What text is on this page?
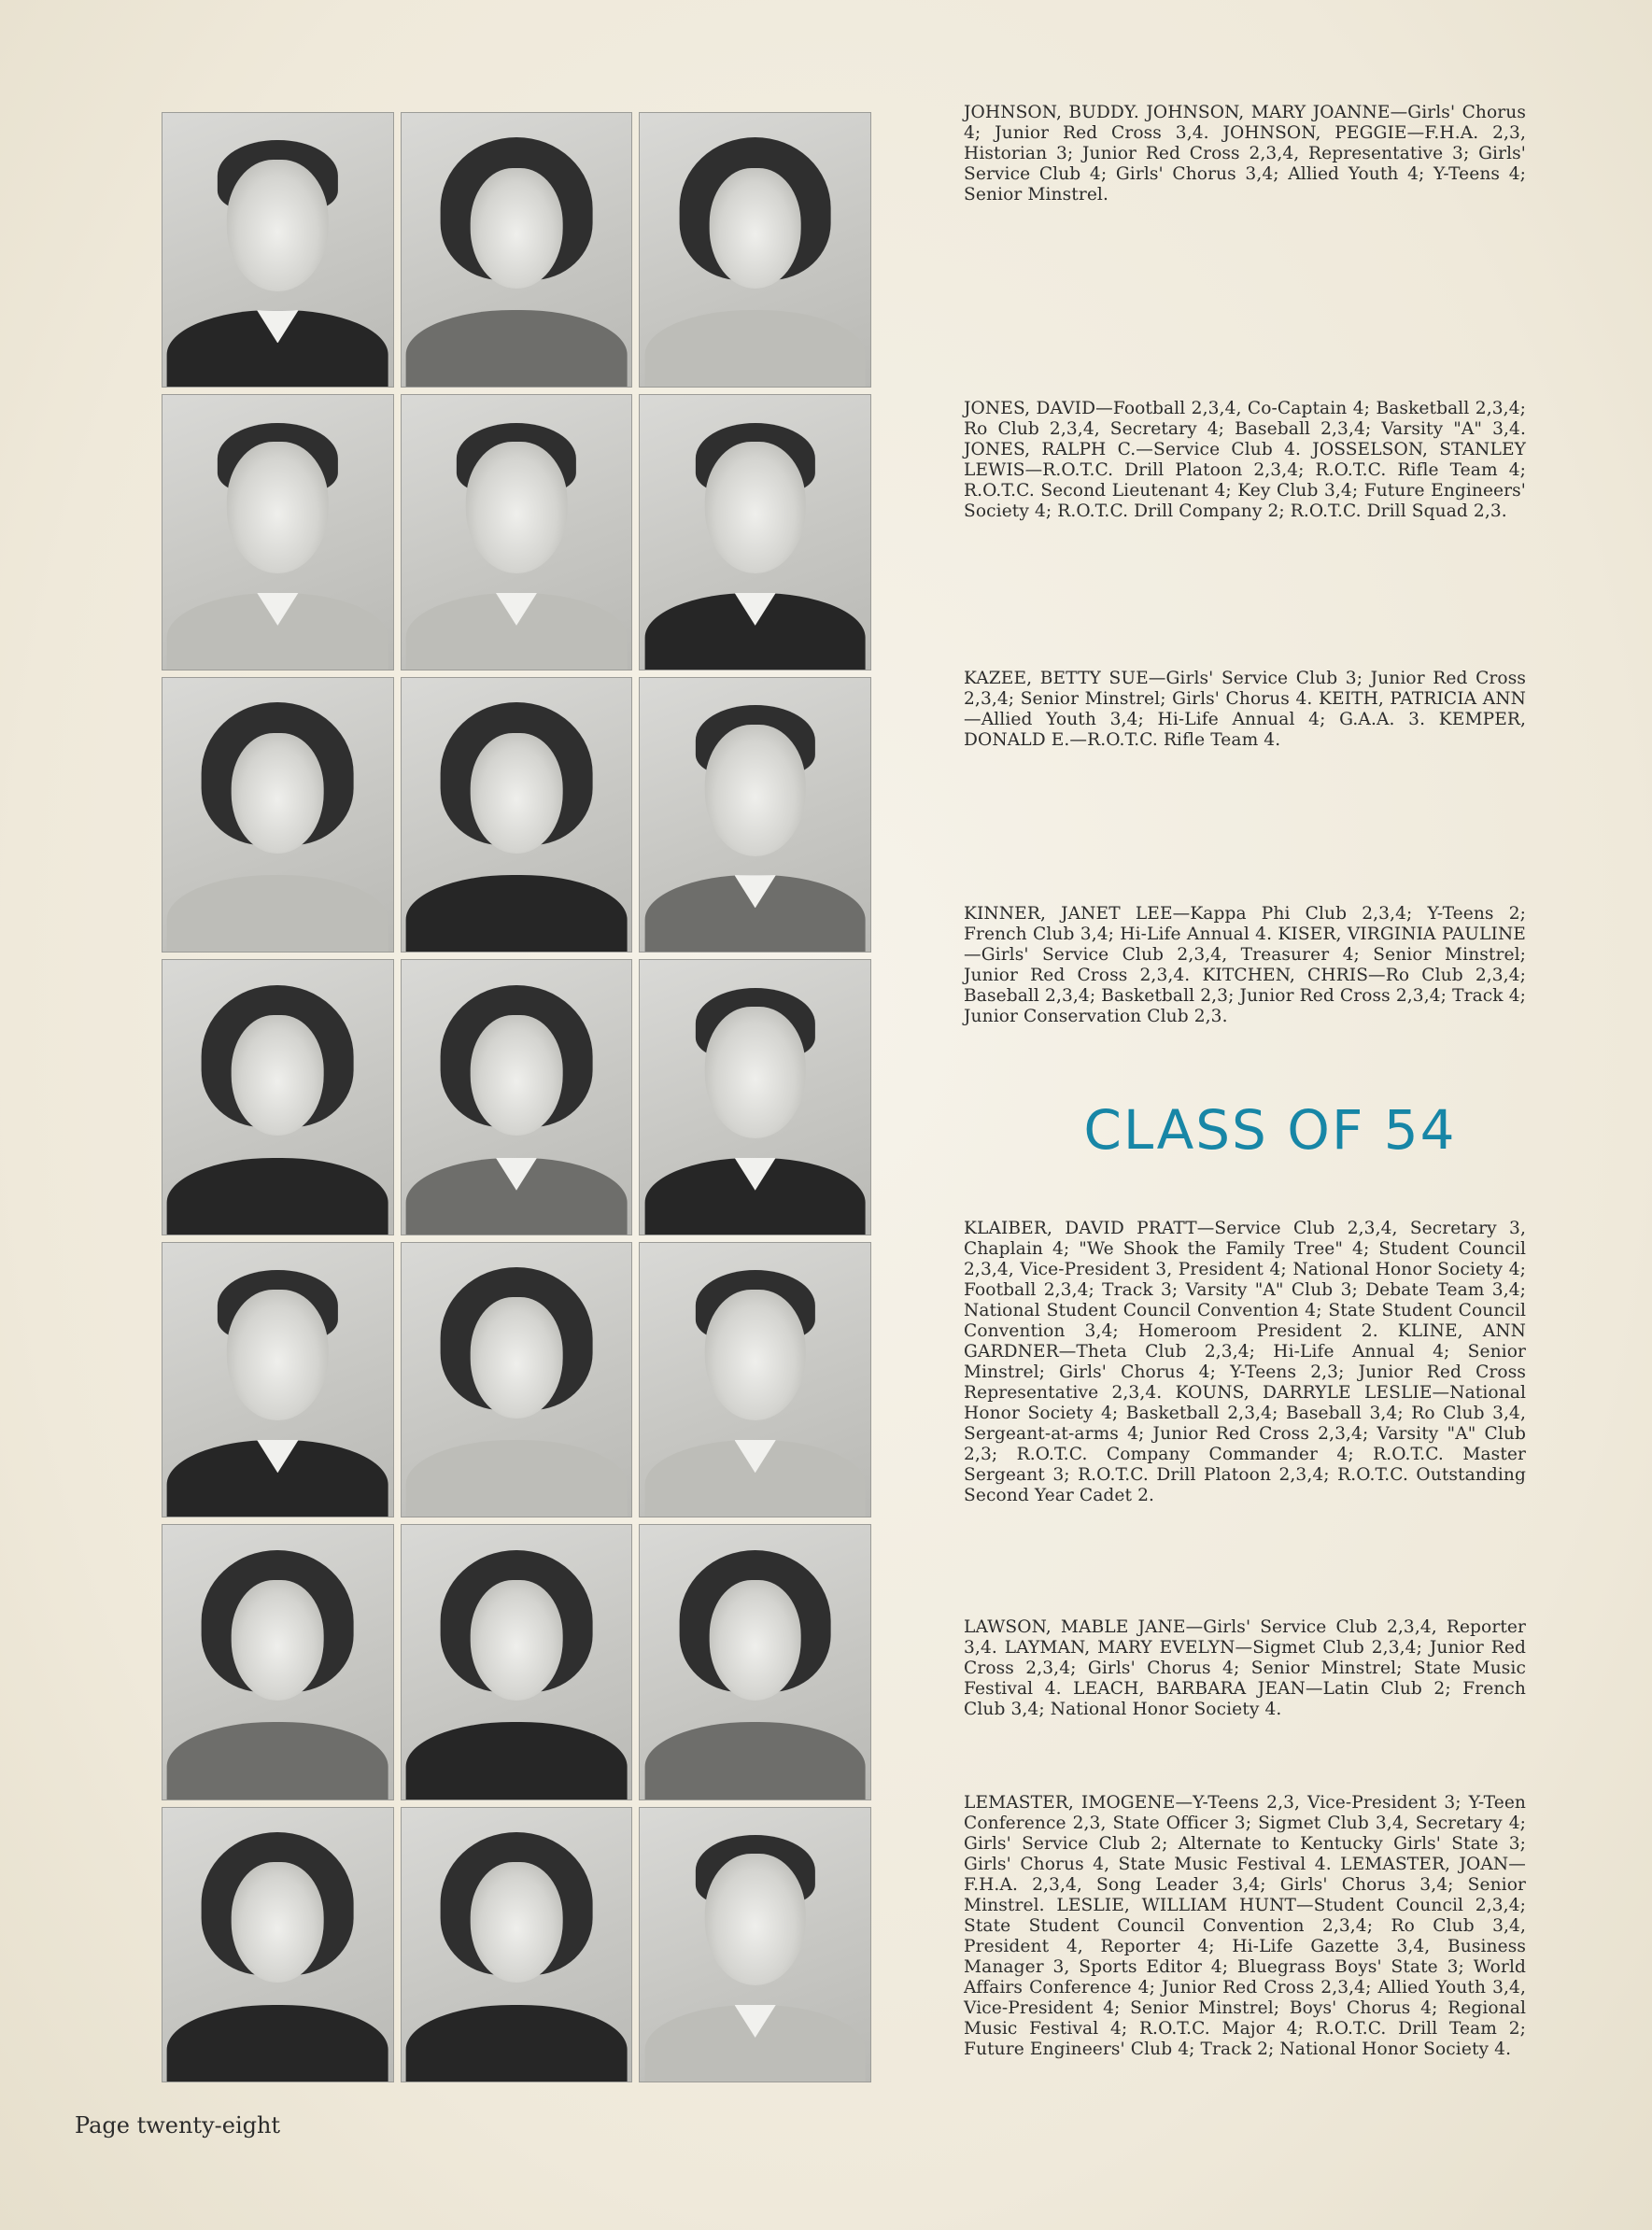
JOHNSON, BUDDY. JOHNSON, MARY JOANNE—Girls' Chorus 4; Junior Red Cross 3,4. JOHNSON, PEGGIE—F.H.A. 2,3, Historian 3; Junior Red Cross 2,3,4, Representative 3; Girls' Service Club 4; Girls' Chorus 3,4; Allied Youth 4; Y-Teens 4; Senior Minstrel.

JONES, DAVID—Football 2,3,4, Co-Captain 4; Basketball 2,3,4; Ro Club 2,3,4, Secretary 4; Baseball 2,3,4; Varsity "A" 3,4. JONES, RALPH C.—Service Club 4. JOSSELSON, STANLEY LEWIS—R.O.T.C. Drill Platoon 2,3,4; R.O.T.C. Rifle Team 4; R.O.T.C. Second Lieutenant 4; Key Club 3,4; Future Engineers' Society 4; R.O.T.C. Drill Company 2; R.O.T.C. Drill Squad 2,3.

KAZEE, BETTY SUE—Girls' Service Club 3; Junior Red Cross 2,3,4; Senior Minstrel; Girls' Chorus 4. KEITH, PATRICIA ANN—Allied Youth 3,4; Hi-Life Annual 4; G.A.A. 3. KEMPER, DONALD E.—R.O.T.C. Rifle Team 4.

KINNER, JANET LEE—Kappa Phi Club 2,3,4; Y-Teens 2; French Club 3,4; Hi-Life Annual 4. KISER, VIRGINIA PAULINE—Girls' Service Club 2,3,4, Treasurer 4; Senior Minstrel; Junior Red Cross 2,3,4. KITCHEN, CHRIS—Ro Club 2,3,4; Baseball 2,3,4; Basketball 2,3; Junior Red Cross 2,3,4; Track 4; Junior Conservation Club 2,3.

CLASS OF 54

KLAIBER, DAVID PRATT—Service Club 2,3,4, Secretary 3, Chaplain 4; "We Shook the Family Tree" 4; Student Council 2,3,4, Vice-President 3, President 4; National Honor Society 4; Football 2,3,4; Track 3; Varsity "A" Club 3; Debate Team 3,4; National Student Council Convention 4; State Student Council Convention 3,4; Homeroom President 2. KLINE, ANN GARDNER—Theta Club 2,3,4; Hi-Life Annual 4; Senior Minstrel; Girls' Chorus 4; Y-Teens 2,3; Junior Red Cross Representative 2,3,4. KOUNS, DARRYLE LESLIE—National Honor Society 4; Basketball 2,3,4; Baseball 3,4; Ro Club 3,4, Sergeant-at-arms 4; Junior Red Cross 2,3,4; Varsity "A" Club 2,3; R.O.T.C. Company Commander 4; R.O.T.C. Master Sergeant 3; R.O.T.C. Drill Platoon 2,3,4; R.O.T.C. Outstanding Second Year Cadet 2.

LAWSON, MABLE JANE—Girls' Service Club 2,3,4, Reporter 3,4. LAYMAN, MARY EVELYN—Sigmet Club 2,3,4; Junior Red Cross 2,3,4; Girls' Chorus 4; Senior Minstrel; State Music Festival 4. LEACH, BARBARA JEAN—Latin Club 2; French Club 3,4; National Honor Society 4.

LEMASTER, IMOGENE—Y-Teens 2,3, Vice-President 3; Y-Teen Conference 2,3, State Officer 3; Sigmet Club 3,4, Secretary 4; Girls' Service Club 2; Alternate to Kentucky Girls' State 3; Girls' Chorus 4, State Music Festival 4. LEMASTER, JOAN—F.H.A. 2,3,4, Song Leader 3,4; Girls' Chorus 3,4; Senior Minstrel. LESLIE, WILLIAM HUNT—Student Council 2,3,4; State Student Council Convention 2,3,4; Ro Club 3,4, President 4, Reporter 4; Hi-Life Gazette 3,4, Business Manager 3, Sports Editor 4; Bluegrass Boys' State 3; World Affairs Conference 4; Junior Red Cross 2,3,4; Allied Youth 3,4, Vice-President 4; Senior Minstrel; Boys' Chorus 4; Regional Music Festival 4; R.O.T.C. Major 4; R.O.T.C. Drill Team 2; Future Engineers' Club 4; Track 2; National Honor Society 4.

Page twenty-eight
